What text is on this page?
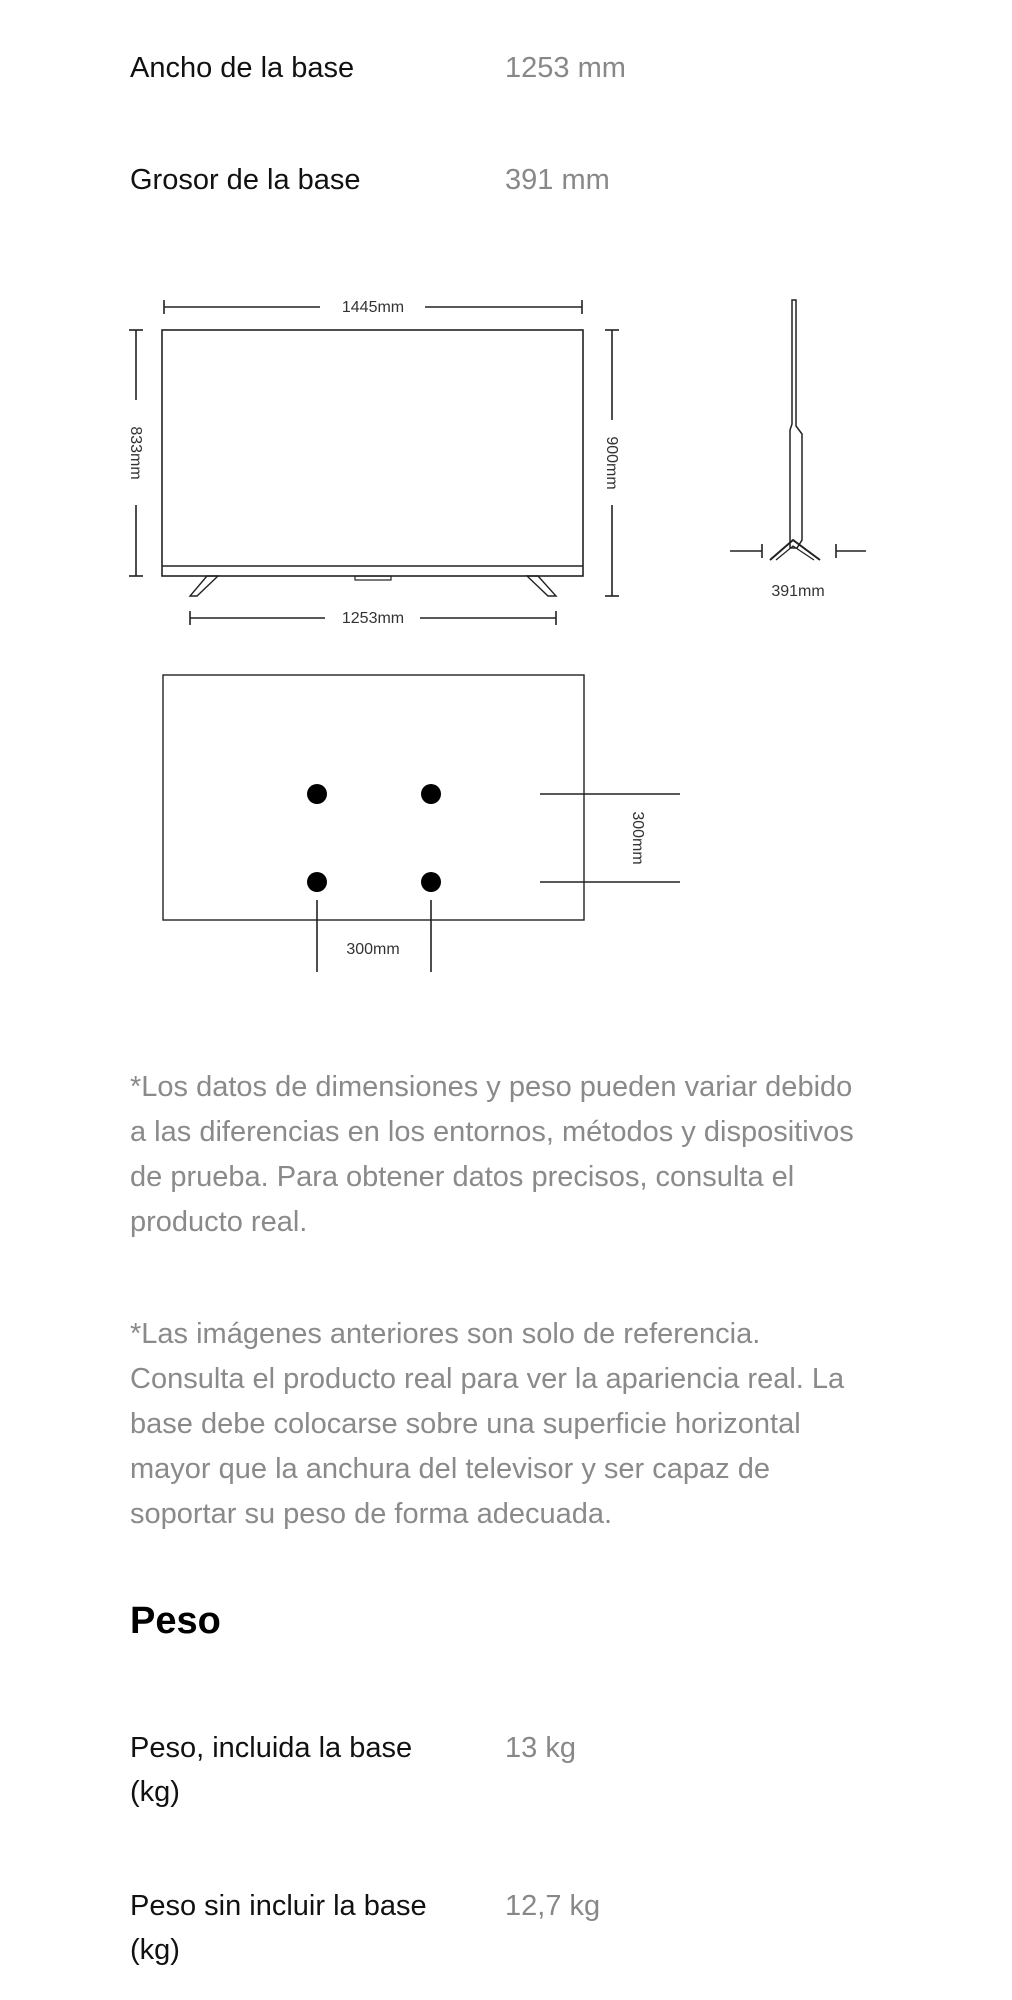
Ancho de la base	1253 mm
Grosor de la base	391 mm
1445mm
833mm	900mm
1253mm
391mm
300mm
300mm

*Los datos de dimensiones y peso pueden variar debido a las diferencias en los entornos, métodos y dispositivos de prueba. Para obtener datos precisos, consulta el producto real.

*Las imágenes anteriores son solo de referencia. Consulta el producto real para ver la apariencia real. La base debe colocarse sobre una superficie horizontal mayor que la anchura del televisor y ser capaz de soportar su peso de forma adecuada.

Peso
Peso, incluida la base (kg)
13 kg
Peso sin incluir la base (kg)
12,7 kg
